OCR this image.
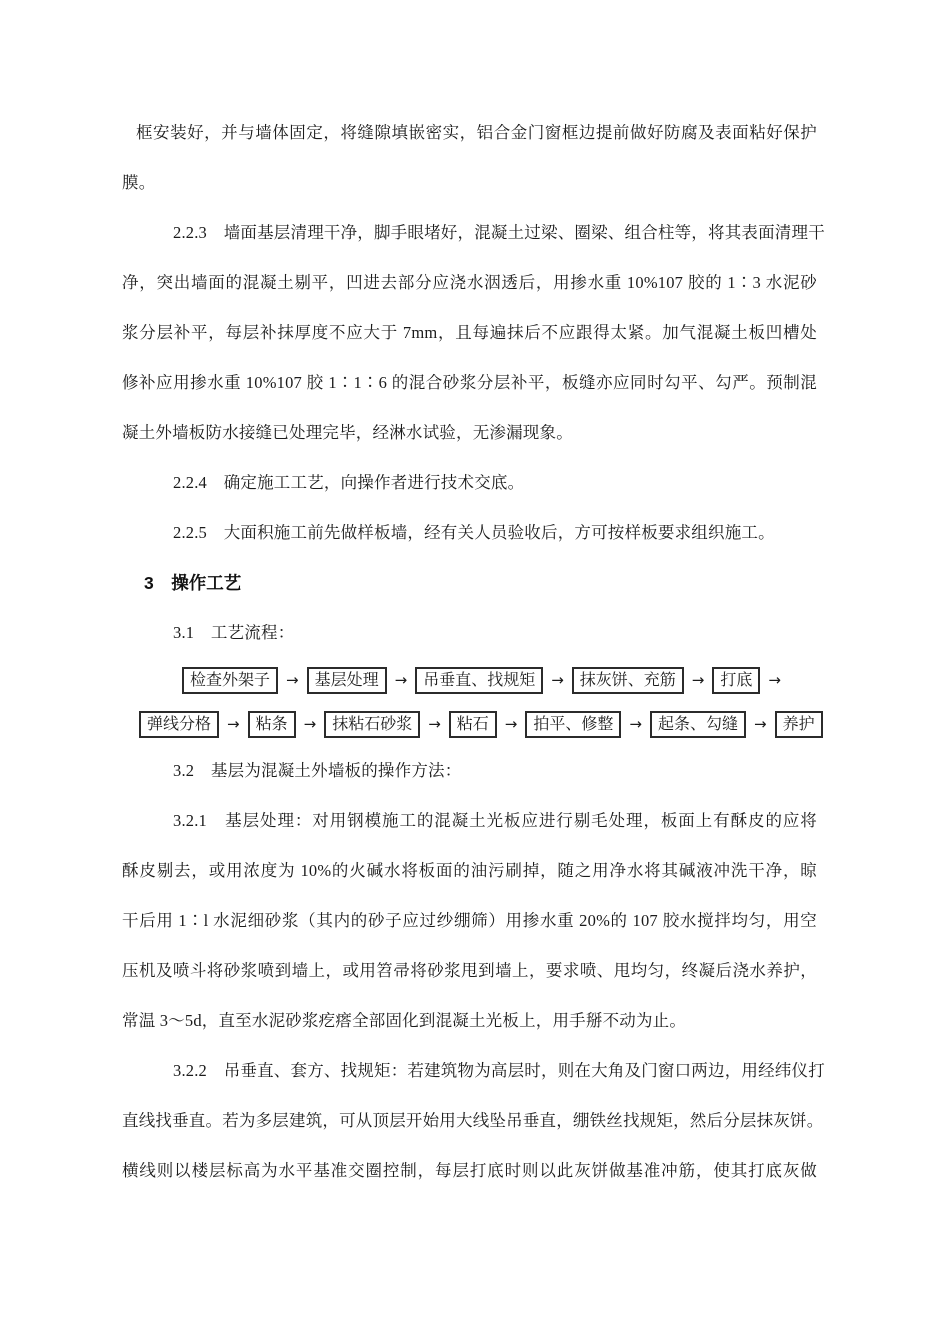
框安装好，并与墙体固定，将缝隙填嵌密实，铝合金门窗框边提前做好防腐及表面粘好保护
膜。
2.2.3　墙面基层清理干净，脚手眼堵好，混凝土过梁、圈梁、组合柱等，将其表面清理干
净，突出墙面的混凝土剔平，凹进去部分应浇水洇透后，用掺水重 10%107 胶的 1∶3 水泥砂
浆分层补平，每层补抹厚度不应大于 7mm，且每遍抹后不应跟得太紧。加气混凝土板凹槽处
修补应用掺水重 10%107 胶 1∶1∶6 的混合砂浆分层补平，板缝亦应同时勾平、勾严。预制混
凝土外墙板防水接缝已处理完毕，经淋水试验，无渗漏现象。
2.2.4　确定施工工艺，向操作者进行技术交底。
2.2.5　大面积施工前先做样板墙，经有关人员验收后，方可按样板要求组织施工。
3　操作工艺
3.1　工艺流程：
检查外架子	→	基层处理	→	吊垂直、找规矩	→	抹灰饼、充筋	→	打底	→
弹线分格	→	粘条	→	抹粘石砂浆	→	粘石	→	拍平、修整	→	起条、勾缝	→	养护
3.2　基层为混凝土外墙板的操作方法：
3.2.1　基层处理：对用钢模施工的混凝土光板应进行剔毛处理，板面上有酥皮的应将
酥皮剔去，或用浓度为 10%的火碱水将板面的油污刷掉，随之用净水将其碱液冲洗干净，晾
干后用 1∶l 水泥细砂浆（其内的砂子应过纱绷筛）用掺水重 20%的 107 胶水搅拌均匀，用空
压机及喷斗将砂浆喷到墙上，或用笤帚将砂浆甩到墙上，要求喷、甩均匀，终凝后浇水养护，
常温 3～5d，直至水泥砂浆疙瘩全部固化到混凝土光板上，用手掰不动为止。
3.2.2　吊垂直、套方、找规矩：若建筑物为高层时，则在大角及门窗口两边，用经纬仪打
直线找垂直。若为多层建筑，可从顶层开始用大线坠吊垂直，绷铁丝找规矩，然后分层抹灰饼。
横线则以楼层标高为水平基准交圈控制，每层打底时则以此灰饼做基准冲筋，使其打底灰做
